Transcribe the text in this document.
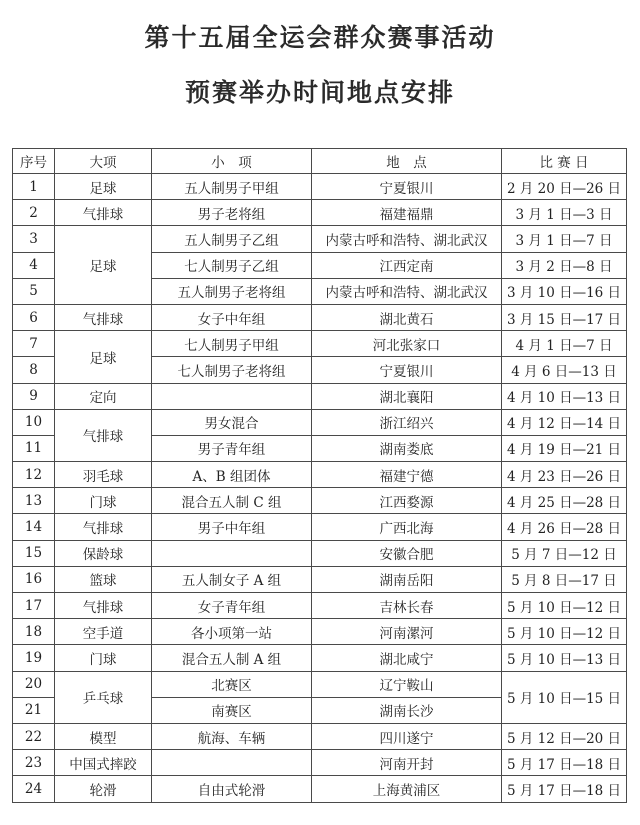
第十五届全运会群众赛事活动
预赛举办时间地点安排
序号	大项	小　项	地　点	比 赛 日
1	足球	五人制男子甲组	宁夏银川	2 月 20 日—26 日
2	气排球	男子老将组	福建福鼎	3 月 1 日—3 日
3	足球	五人制男子乙组	内蒙古呼和浩特、湖北武汉	3 月 1 日—7 日
4		七人制男子乙组	江西定南	3 月 2 日—8 日
5		五人制男子老将组	内蒙古呼和浩特、湖北武汉	3 月 10 日—16 日
6	气排球	女子中年组	湖北黄石	3 月 15 日—17 日
7	足球	七人制男子甲组	河北张家口	4 月 1 日—7 日
8		七人制男子老将组	宁夏银川	4 月 6 日—13 日
9	定向		湖北襄阳	4 月 10 日—13 日
10	气排球	男女混合	浙江绍兴	4 月 12 日—14 日
11		男子青年组	湖南娄底	4 月 19 日—21 日
12	羽毛球	A、B 组团体	福建宁德	4 月 23 日—26 日
13	门球	混合五人制 C 组	江西婺源	4 月 25 日—28 日
14	气排球	男子中年组	广西北海	4 月 26 日—28 日
15	保龄球		安徽合肥	5 月 7 日—12 日
16	篮球	五人制女子 A 组	湖南岳阳	5 月 8 日—17 日
17	气排球	女子青年组	吉林长春	5 月 10 日—12 日
18	空手道	各小项第一站	河南漯河	5 月 10 日—12 日
19	门球	混合五人制 A 组	湖北咸宁	5 月 10 日—13 日
20	乒乓球	北赛区	辽宁鞍山	5 月 10 日—15 日
21		南赛区	湖南长沙	
22	模型	航海、车辆	四川遂宁	5 月 12 日—20 日
23	中国式摔跤		河南开封	5 月 17 日—18 日
24	轮滑	自由式轮滑	上海黄浦区	5 月 17 日—18 日
